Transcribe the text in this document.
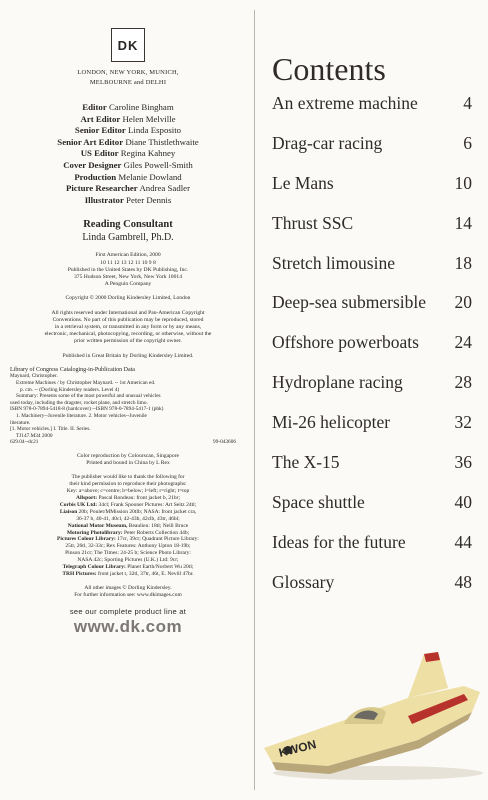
DK
LONDON, NEW YORK, MUNICH,
MELBOURNE and DELHI
Editor Caroline Bingham
Art Editor Helen Melville
Senior Editor Linda Esposito
Senior Art Editor Diane Thistlethwaite
US Editor Regina Kahney
Cover Designer Giles Powell-Smith
Production Melanie Dowland
Picture Researcher Andrea Sadler
Illustrator Peter Dennis
Reading Consultant
Linda Gambrell, Ph.D.
First American Edition, 2000
10 11 12 13 12 11 10 9 8
Published in the United States by DK Publishing, Inc.
375 Hudson Street, New York, New York 10014
A Penguin Company
Copyright © 2000 Dorling Kindersley Limited, London
All rights reserved under International and Pan-American Copyright
Conventions. No part of this publication may be reproduced, stored
in a retrieval system, or transmitted in any form or by any means,
electronic, mechanical, photocopying, recording, or otherwise, without the
prior written permission of the copyright owner.
Published in Great Britain by Dorling Kindersley Limited.
Library of Congress Cataloging-in-Publication Data
Maynard, Christopher.
Extreme Machines / by Christopher Maynard. -- 1st American ed.
p. cm. -- (Dorling Kindersley readers. Level 4)
Summary: Presents some of the most powerful and unusual vehicles
used today, including the dragster, rocket plane, and stretch limo.
ISBN 978-0-7894-5418-8 (hardcover) --ISBN 978-0-7894-5417-1 (pbk)
1. Machinery--Juvenile literature. 2. Motor vehicles--Juvenile
literature.
[1. Motor vehicles.] I. Title. II. Series.
TJ147.M34 2000
629.04--dc21	99-043606
Color reproduction by Colourscan, Singapore
Printed and bound in China by L Rex
The publisher would like to thank the following for
their kind permission to reproduce their photographs:
Key: a=above; c=centre; b=below; l=left; r=right; t=top
Allsport: Pascal Rondeau: front jacket b, 21br;
Corbis UK Ltd: 34cl; Frank Spooner Pictures: Art Seitz 24tl;
Liaison 20b; Poulet/MMission 20tlb; NASA: front jacket cra,
36-37 b, 40-41, 40cl, 42-43b, 42clb, 43tr, 46bl;
National Motor Museum, Beaulieu: 18tl; Neill Bruce
Motoring Photolibrary: Peter Roberts Collection 44b;
Pictures Colour Library: 17cr, 39cr; Quadrant Picture Library:
25tr, 26tl, 32-33c; Rex Features: Anthony Upton 18-19b;
Pinson 21cr; The Times: 24-25 b; Science Photo Library:
NASA 42c; Sporting Pictures (U.K.) Ltd: 9cr;
Telegraph Colour Library: Planet Earth/Norbert Wu 20tl;
TRH Pictures: front jacket t, 32tl, 37tr, 46t, E. Nevill 47br.
All other images © Dorling Kindersley.
For further information see: www.dkimages.com
see our complete product line at
www.dk.com
Contents
An extreme machine	4
Drag-car racing	6
Le Mans	10
Thrust SSC	14
Stretch limousine	18
Deep-sea submersible 20
Offshore powerboats 24
Hydroplane racing	28
Mi-26 helicopter	32
The X-15	36
Space shuttle	40
Ideas for the future	44
Glossary	48
KWON
